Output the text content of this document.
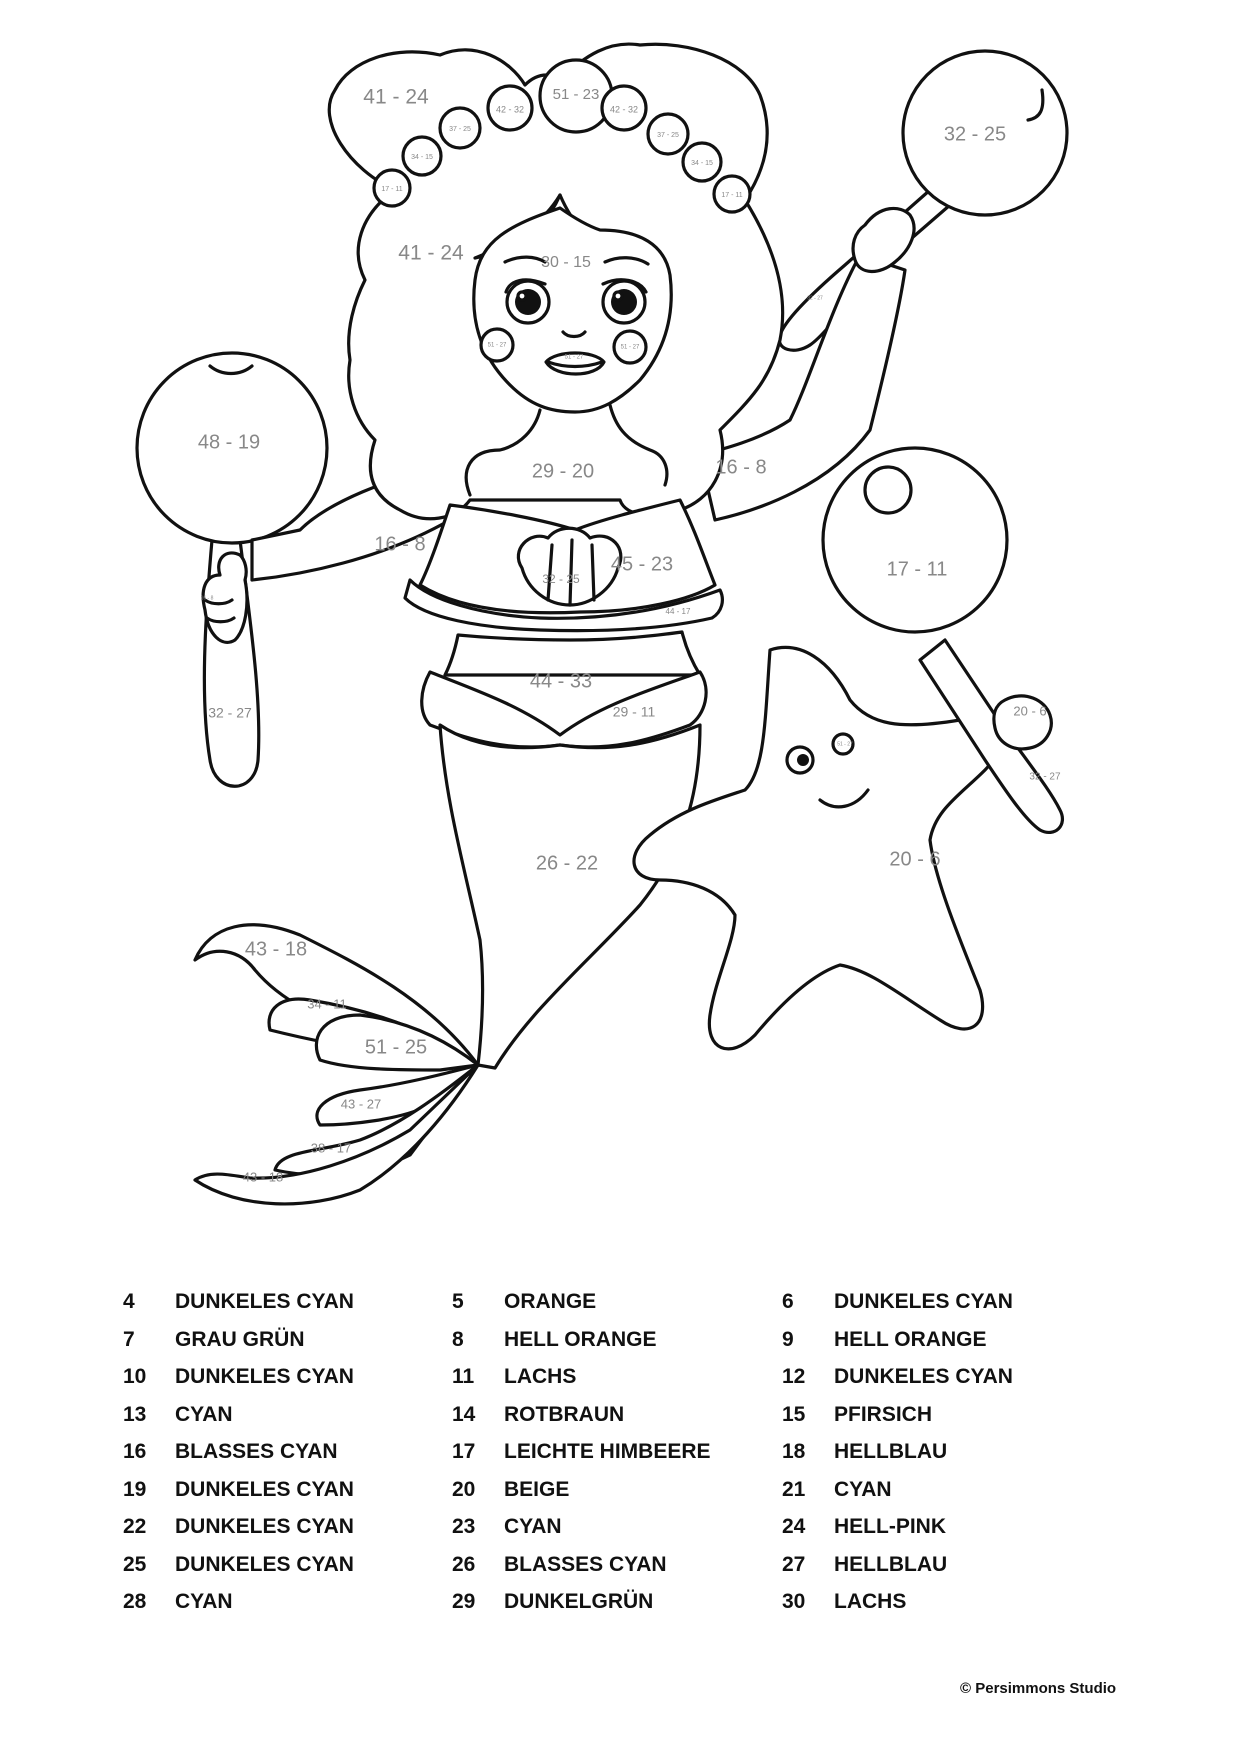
41 - 24
41 - 24
51 - 23
42 - 32
37 - 25
34 - 15
17 - 11
42 - 32
37 - 25
34 - 15
17 - 11
30 - 15
51 - 27	51 - 27
51 - 27
29 - 20	16 - 8
16 - 8
32 - 25
32 - 27
48 - 19
32 - 27
16 - 8
32 - 25
45 - 23
44 - 17
44 - 33
29 - 11
26 - 22
43 - 18
34 - 11
51 - 25
43 - 27
38 - 17
43 - 18
20 - 6
51 - 27
17 - 11
20 - 6
32 - 27
4 DUNKELES CYAN	5 ORANGE	6 DUNKELES CYAN
7 GRAU GRÜN	8 HELL ORANGE	9 HELL ORANGE
10 DUNKELES CYAN	11 LACHS	12 DUNKELES CYAN
13 CYAN	14 ROTBRAUN	15 PFIRSICH
16 BLASSES CYAN	17 LEICHTE HIMBEERE	18 HELLBLAU
19 DUNKELES CYAN	20 BEIGE	21 CYAN
22 DUNKELES CYAN	23 CYAN	24 HELL-PINK
25 DUNKELES CYAN	26 BLASSES CYAN	27 HELLBLAU
28 CYAN	29 DUNKELGRÜN	30 LACHS
© Persimmons Studio
